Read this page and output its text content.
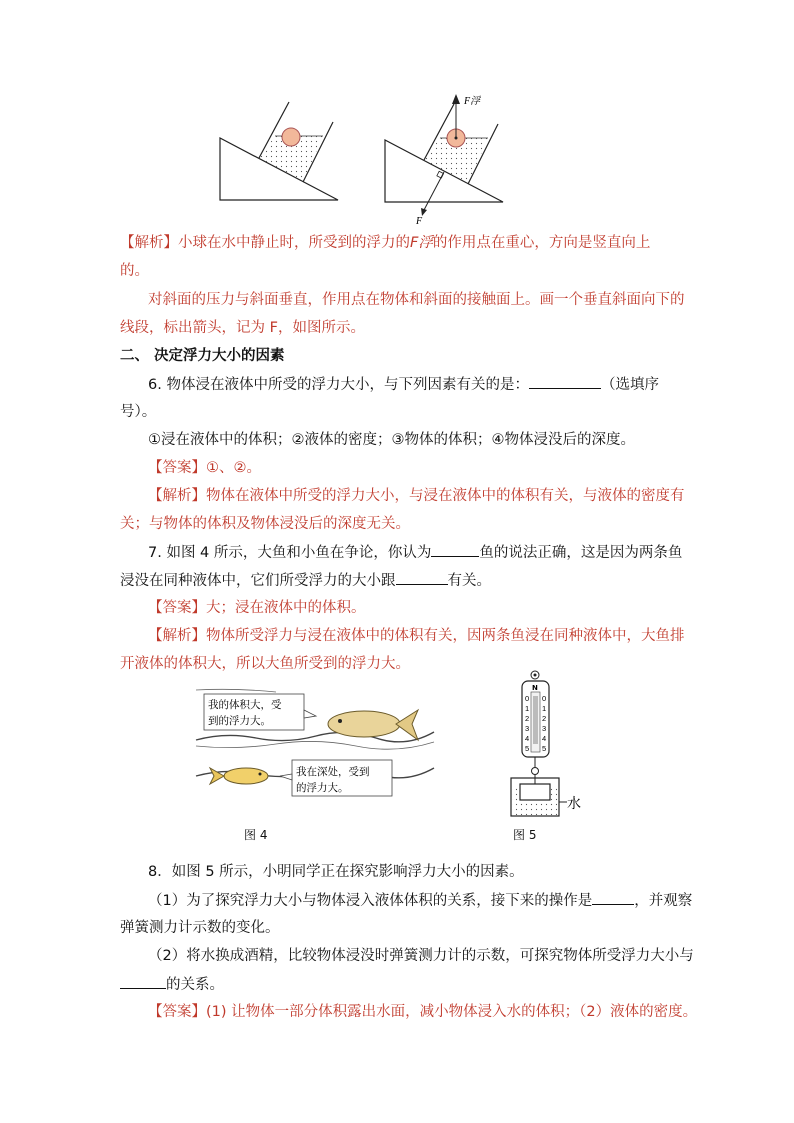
F浮
F
【解析】小球在水中静止时，所受到的浮力的F浮的作用点在重心，方向是竖直向上
的。
对斜面的压力与斜面垂直，作用点在物体和斜面的接触面上。画一个垂直斜面向下的
线段，标出箭头，记为 F，如图所示。
二、 决定浮力大小的因素
6. 物体浸在液体中所受的浮力大小，与下列因素有关的是：	（选填序
号）。
①浸在液体中的体积；②液体的密度；③物体的体积；④物体浸没后的深度。
【答案】①、②。
【解析】物体在液体中所受的浮力大小，与浸在液体中的体积有关，与液体的密度有
关；与物体的体积及物体浸没后的深度无关。
7. 如图 4 所示，大鱼和小鱼在争论，你认为	鱼的说法正确，这是因为两条鱼
浸没在同种液体中，它们所受浮力的大小跟	有关。
【答案】大；浸在液体中的体积。
【解析】物体所受浮力与浸在液体中的体积有关，因两条鱼浸在同种液体中，大鱼排
开液体的体积大，所以大鱼所受到的浮力大。
我的体积大，受
到的浮力大。
我在深处，受到
的浮力大。
图 4
N
0
1
2
3
4
5
0
1
2
3
4
5
水
图 5
8．如图 5 所示，小明同学正在探究影响浮力大小的因素。
（1）为了探究浮力大小与物体浸入液体体积的关系，接下来的操作是	，并观察
弹簧测力计示数的变化。
（2）将水换成酒精，比较物体浸没时弹簧测力计的示数，可探究物体所受浮力大小与
的关系。
【答案】(1) 让物体一部分体积露出水面，减小物体浸入水的体积；（2）液体的密度。
